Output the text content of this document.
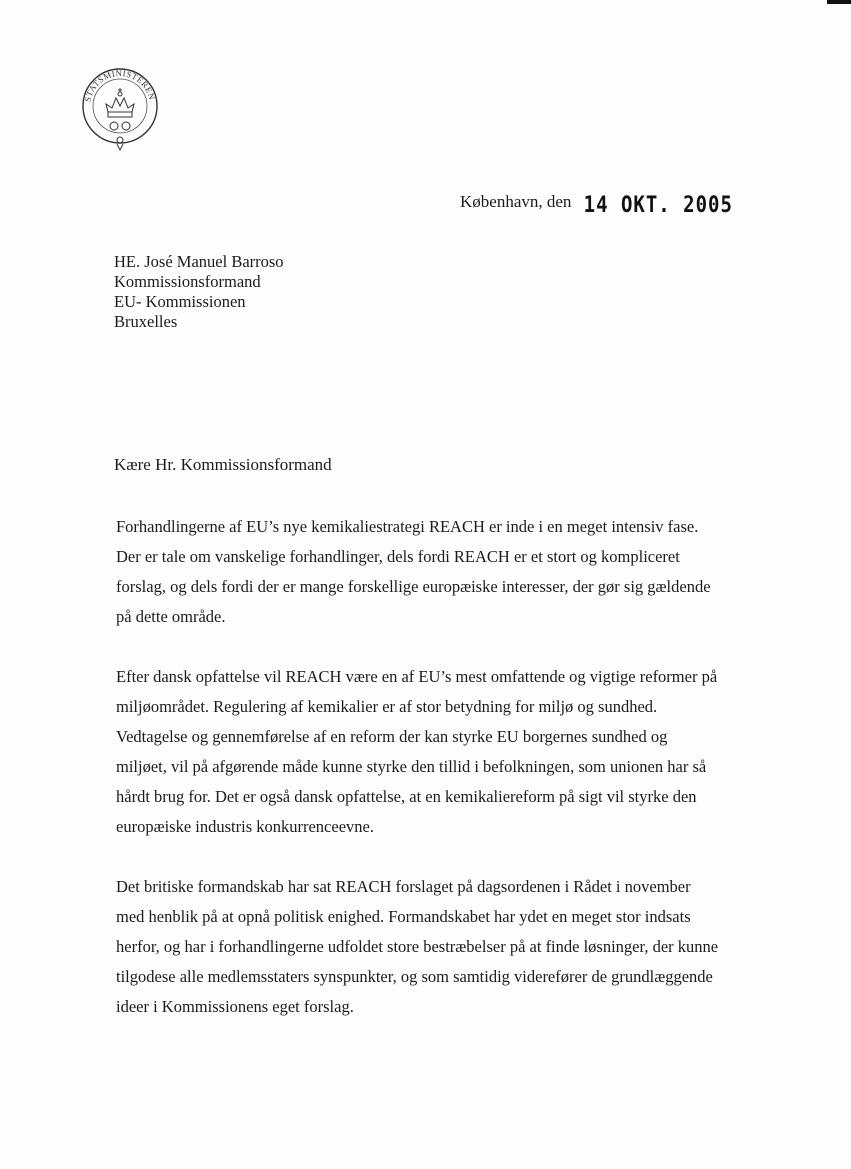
STATSMINISTEREN
København, den 14 OKT. 2005
HE. José Manuel Barroso
Kommissionsformand
EU- Kommissionen
Bruxelles
Kære Hr. Kommissionsformand

Forhandlingerne af EU’s nye kemikaliestrategi REACH er inde i en meget intensiv fase.
Der er tale om vanskelige forhandlinger, dels fordi REACH er et stort og kompliceret
forslag, og dels fordi der er mange forskellige europæiske interesser, der gør sig gældende
på dette område.

Efter dansk opfattelse vil REACH være en af EU’s mest omfattende og vigtige reformer på
miljøområdet. Regulering af kemikalier er af stor betydning for miljø og sundhed.
Vedtagelse og gennemførelse af en reform der kan styrke EU borgernes sundhed og
miljøet, vil på afgørende måde kunne styrke den tillid i befolkningen, som unionen har så
hårdt brug for. Det er også dansk opfattelse, at en kemikaliereform på sigt vil styrke den
europæiske industris konkurrenceevne.

Det britiske formandskab har sat REACH forslaget på dagsordenen i Rådet i november
med henblik på at opnå politisk enighed. Formandskabet har ydet en meget stor indsats
herfor, og har i forhandlingerne udfoldet store bestræbelser på at finde løsninger, der kunne
tilgodese alle medlemsstaters synspunkter, og som samtidig viderefører de grundlæggende
ideer i Kommissionens eget forslag.
